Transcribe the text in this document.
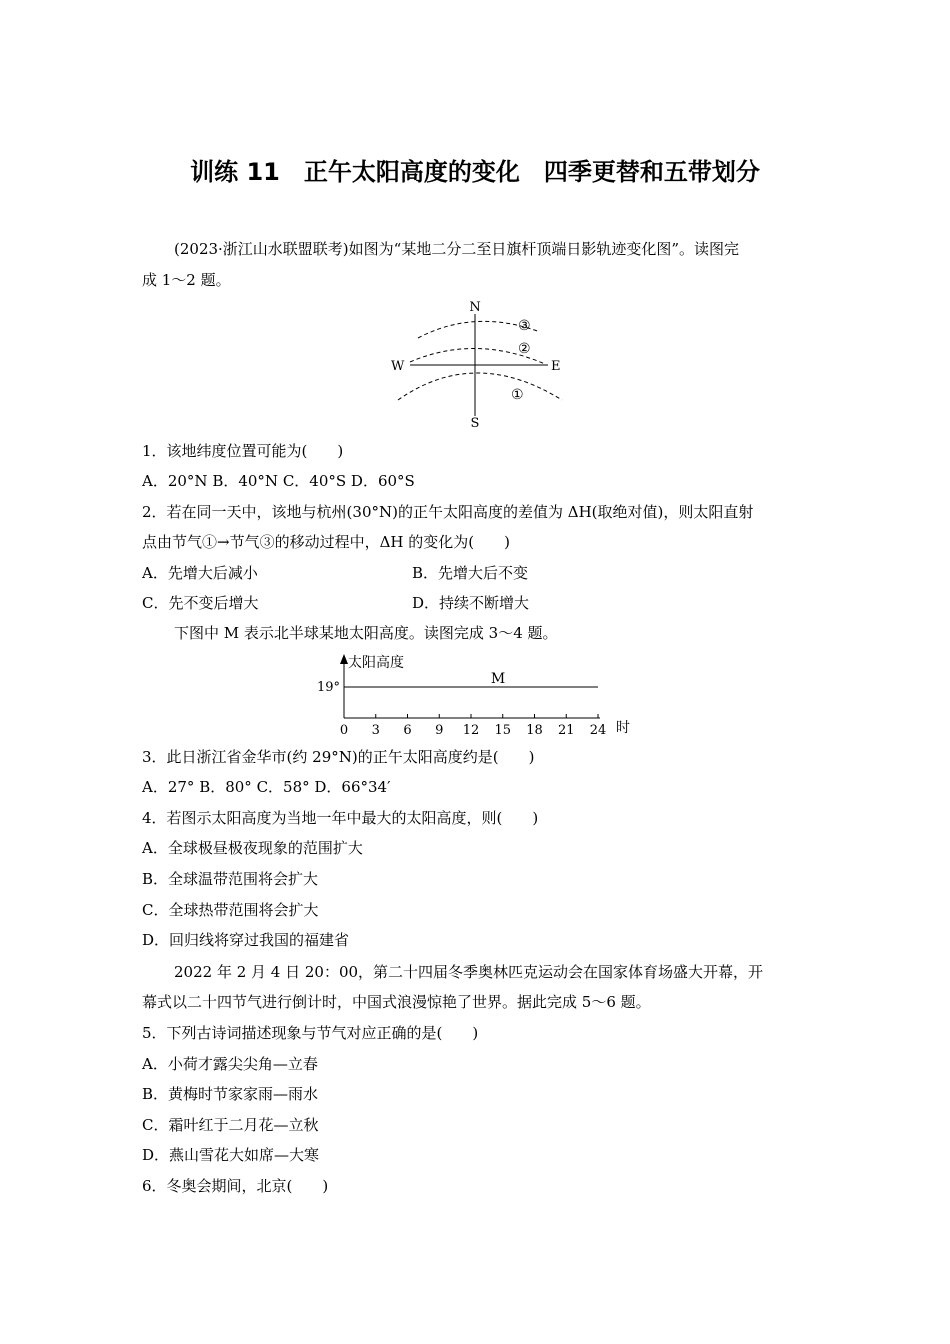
训练 11　正午太阳高度的变化　四季更替和五带划分
(2023·浙江山水联盟联考)如图为“某地二分二至日旗杆顶端日影轨迹变化图”。读图完
成 1～2 题。
N
S
W	E
③
②
①
1．该地纬度位置可能为(　　)
A．20°N B．40°N C．40°S D．60°S
2．若在同一天中，该地与杭州(30°N)的正午太阳高度的差值为 ΔH(取绝对值)，则太阳直射
点由节气①→节气③的移动过程中，ΔH 的变化为(　　)
A．先增大后减小	B．先增大后不变
C．先不变后增大	D．持续不断增大
下图中 M 表示北半球某地太阳高度。读图完成 3～4 题。
太阳高度
19°
时
0 3 6 9 12 15 18 21 24
M
3．此日浙江省金华市(约 29°N)的正午太阳高度约是(　　)
A．27° B．80° C．58° D．66°34′
4．若图示太阳高度为当地一年中最大的太阳高度，则(　　)
A．全球极昼极夜现象的范围扩大
B．全球温带范围将会扩大
C．全球热带范围将会扩大
D．回归线将穿过我国的福建省
2022 年 2 月 4 日 20：00，第二十四届冬季奥林匹克运动会在国家体育场盛大开幕，开
幕式以二十四节气进行倒计时，中国式浪漫惊艳了世界。据此完成 5～6 题。
5．下列古诗词描述现象与节气对应正确的是(　　)
A．小荷才露尖尖角—立春
B．黄梅时节家家雨—雨水
C．霜叶红于二月花—立秋
D．燕山雪花大如席—大寒
6．冬奥会期间，北京(　　)
